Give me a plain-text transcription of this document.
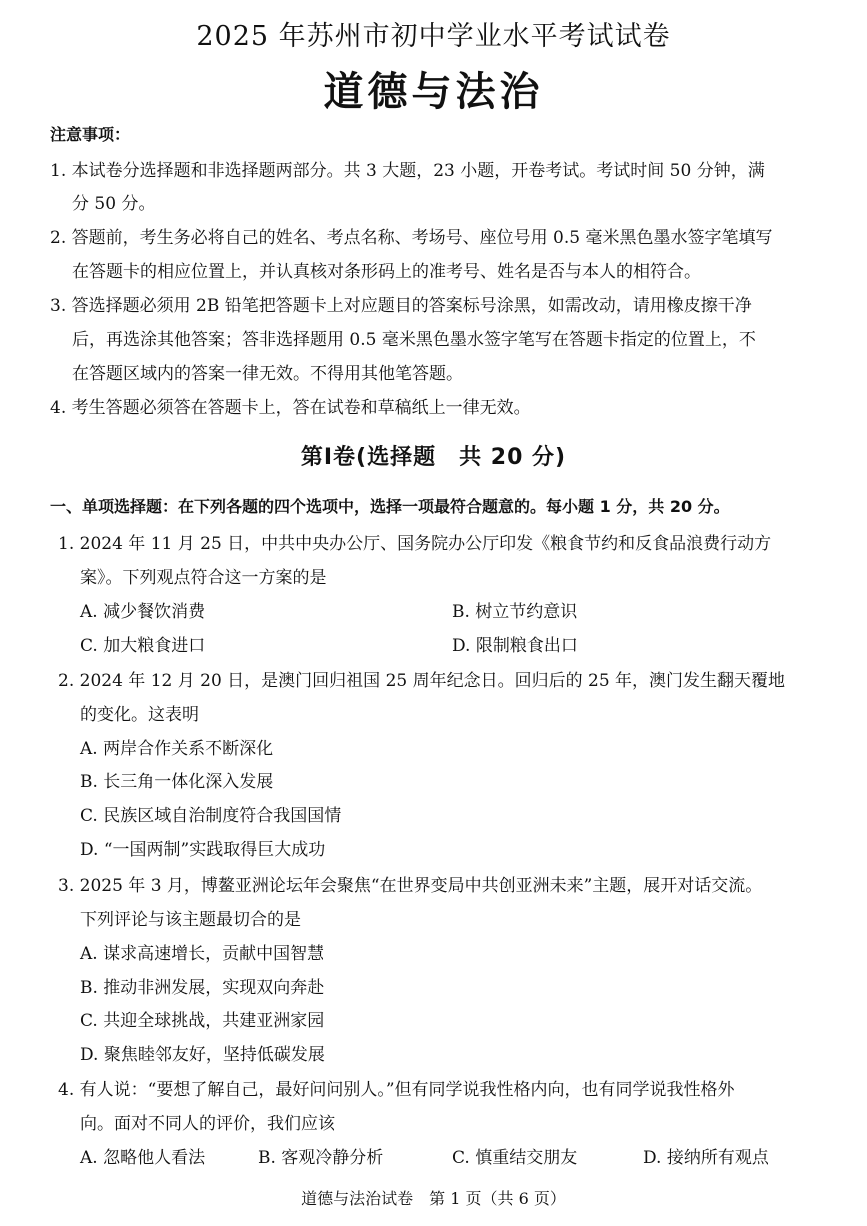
2025 年苏州市初中学业水平考试试卷
道德与法治
注意事项：
1. 本试卷分选择题和非选择题两部分。共 3 大题，23 小题，开卷考试。考试时间 50 分钟，满
分 50 分。
2. 答题前，考生务必将自己的姓名、考点名称、考场号、座位号用 0.5 毫米黑色墨水签字笔填写
在答题卡的相应位置上，并认真核对条形码上的准考号、姓名是否与本人的相符合。
3. 答选择题必须用 2B 铅笔把答题卡上对应题目的答案标号涂黑，如需改动，请用橡皮擦干净
后，再选涂其他答案；答非选择题用 0.5 毫米黑色墨水签字笔写在答题卡指定的位置上，不
在答题区域内的答案一律无效。不得用其他笔答题。
4. 考生答题必须答在答题卡上，答在试卷和草稿纸上一律无效。
第Ⅰ卷(选择题　共 20 分)
一、单项选择题：在下列各题的四个选项中，选择一项最符合题意的。每小题 1 分，共 20 分。
1. 2024 年 11 月 25 日，中共中央办公厅、国务院办公厅印发《粮食节约和反食品浪费行动方
案》。下列观点符合这一方案的是
A. 减少餐饮消费	B. 树立节约意识
C. 加大粮食进口	D. 限制粮食出口
2. 2024 年 12 月 20 日，是澳门回归祖国 25 周年纪念日。回归后的 25 年，澳门发生翻天覆地
的变化。这表明
A. 两岸合作关系不断深化
B. 长三角一体化深入发展
C. 民族区域自治制度符合我国国情
D. “一国两制”实践取得巨大成功
3. 2025 年 3 月，博鳌亚洲论坛年会聚焦“在世界变局中共创亚洲未来”主题，展开对话交流。
下列评论与该主题最切合的是
A. 谋求高速增长，贡献中国智慧
B. 推动非洲发展，实现双向奔赴
C. 共迎全球挑战，共建亚洲家园
D. 聚焦睦邻友好，坚持低碳发展
4. 有人说：“要想了解自己，最好问问别人。”但有同学说我性格内向，也有同学说我性格外
向。面对不同人的评价，我们应该
A. 忽略他人看法	B. 客观冷静分析	C. 慎重结交朋友	D. 接纳所有观点
道德与法治试卷　第 1 页（共 6 页）
